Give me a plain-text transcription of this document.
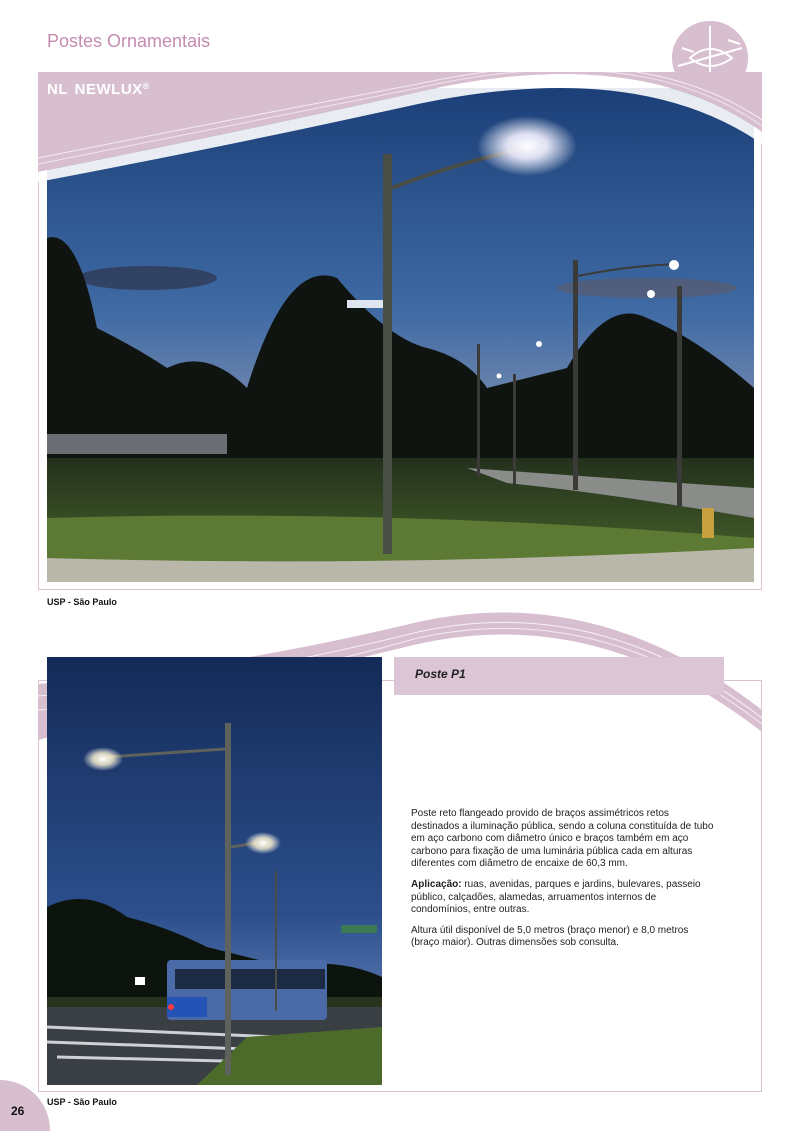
Postes Ornamentais
NL NEWLUX®
USP - São Paulo
Poste P1

Poste reto flangeado provido de braços assimétricos retos destinados a iluminação pública, sendo a coluna constituída de tubo em aço carbono com diâmetro único e braços também em aço carbono para fixação de uma luminária pública cada em alturas diferentes com diâmetro de encaixe de 60,3 mm.

Aplicação: ruas, avenidas, parques e jardins, bulevares, passeio público, calçadões, alamedas, arruamentos internos de condomínios, entre outras.

Altura útil disponível de 5,0 metros (braço menor) e 8,0 metros (braço maior). Outras dimensões sob consulta.

USP - São Paulo
26
